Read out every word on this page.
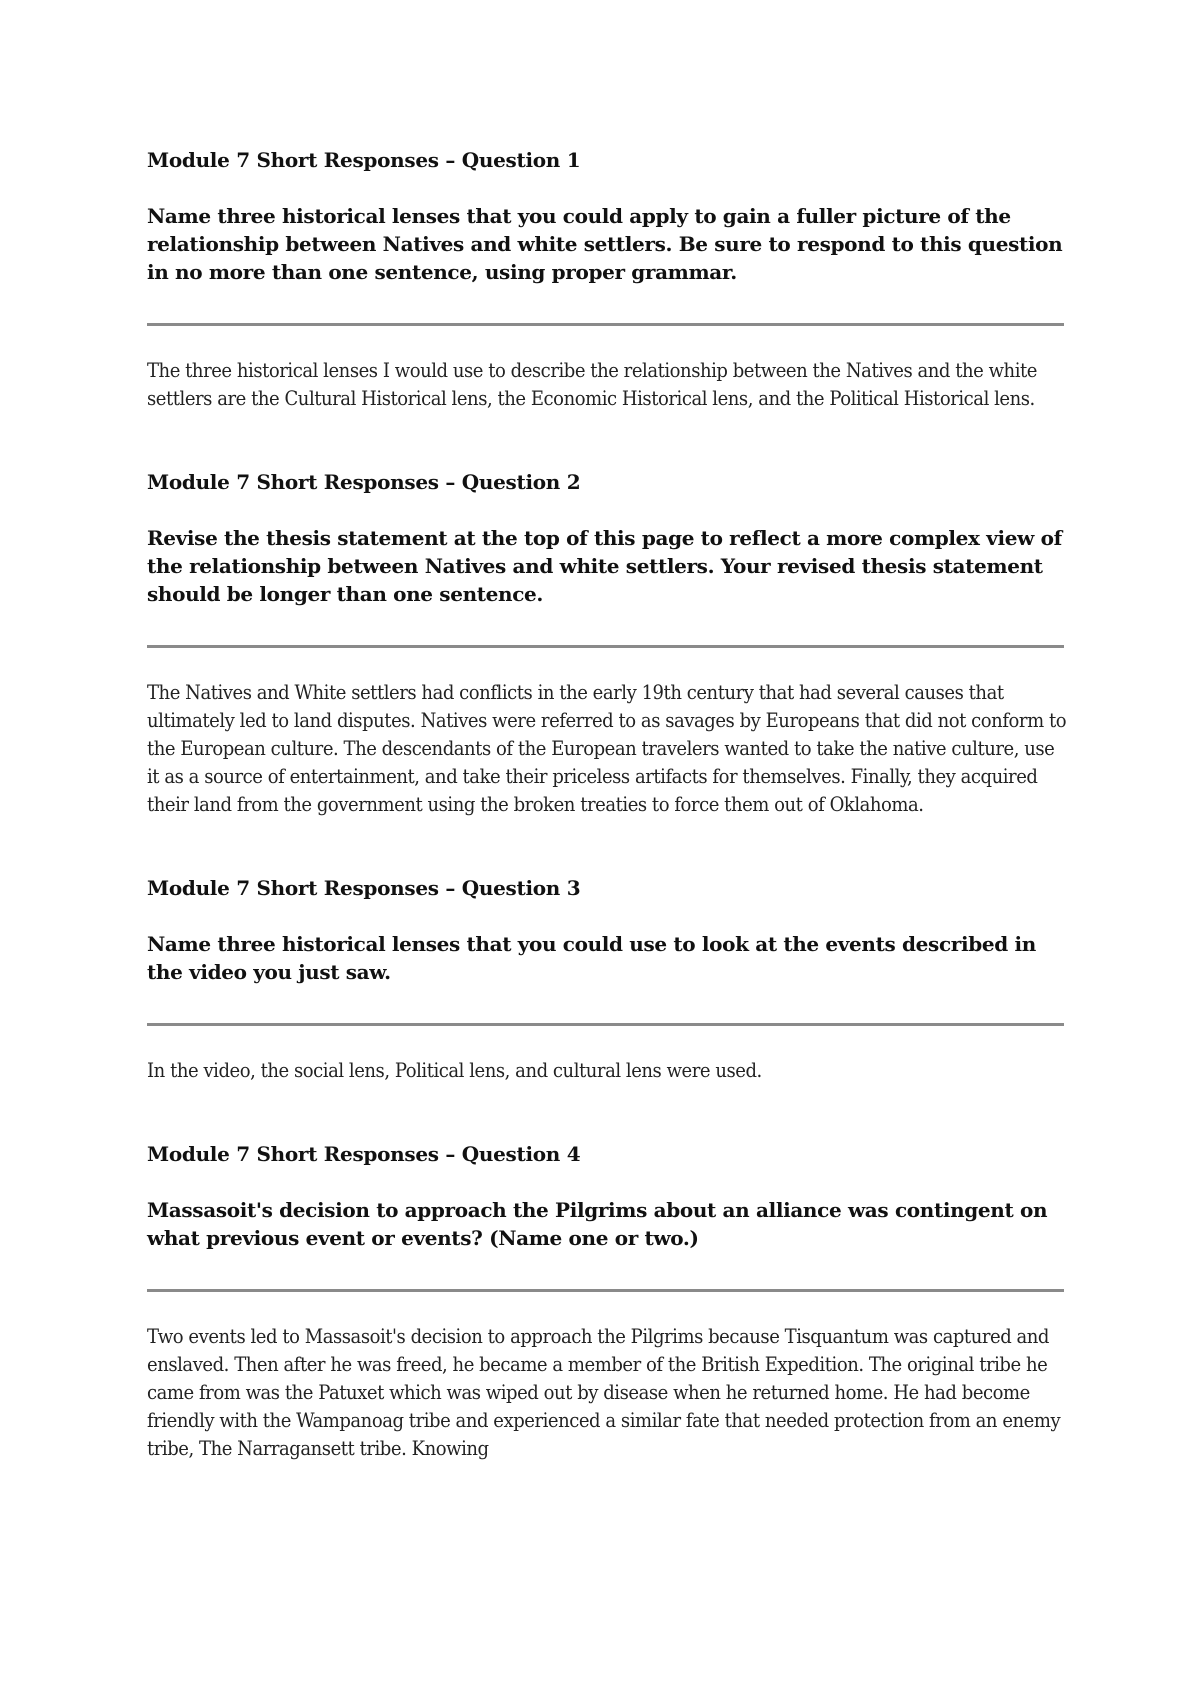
Module 7 Short Responses – Question 1

Name three historical lenses that you could apply to gain a fuller picture of the relationship between Natives and white settlers. Be sure to respond to this question in no more than one sentence, using proper grammar.

The three historical lenses I would use to describe the relationship between the Natives and the white settlers are the Cultural Historical lens, the Economic Historical lens, and the Political Historical lens.

Module 7 Short Responses – Question 2

Revise the thesis statement at the top of this page to reflect a more complex view of the relationship between Natives and white settlers. Your revised thesis statement should be longer than one sentence.

The Natives and White settlers had conflicts in the early 19th century that had several causes that ultimately led to land disputes. Natives were referred to as savages by Europeans that did not conform to the European culture. The descendants of the European travelers wanted to take the native culture, use it as a source of entertainment, and take their priceless artifacts for themselves. Finally, they acquired their land from the government using the broken treaties to force them out of Oklahoma.

Module 7 Short Responses – Question 3

Name three historical lenses that you could use to look at the events described in the video you just saw.

In the video, the social lens, Political lens, and cultural lens were used.

Module 7 Short Responses – Question 4

Massasoit's decision to approach the Pilgrims about an alliance was contingent on what previous event or events? (Name one or two.)

Two events led to Massasoit's decision to approach the Pilgrims because Tisquantum was captured and enslaved. Then after he was freed, he became a member of the British Expedition. The original tribe he came from was the Patuxet which was wiped out by disease when he returned home. He had become friendly with the Wampanoag tribe and experienced a similar fate that needed protection from an enemy tribe, The Narragansett tribe. Knowing
